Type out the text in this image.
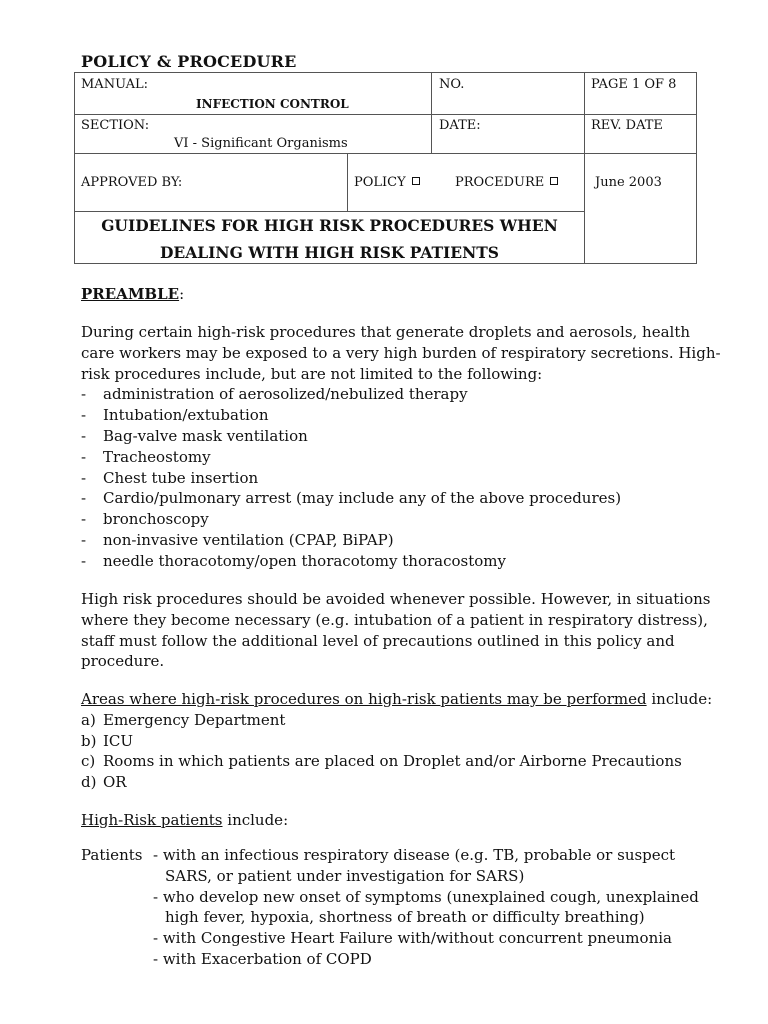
POLICY & PROCEDURE
MANUAL:
INFECTION CONTROL
NO.	PAGE 1 OF 8
SECTION:
VI - Significant Organisms
DATE:	REV. DATE
APPROVED BY:	POLICY	PROCEDURE	June 2003
GUIDELINES FOR HIGH RISK PROCEDURES WHEN
DEALING WITH HIGH RISK PATIENTS
PREAMBLE:
During certain high-risk procedures that generate droplets and aerosols, health
care workers may be exposed to a very high burden of respiratory secretions. High-
risk procedures include, but are not limited to the following:
- administration of aerosolized/nebulized therapy
- Intubation/extubation
- Bag-valve mask ventilation
- Tracheostomy
- Chest tube insertion
- Cardio/pulmonary arrest (may include any of the above procedures)
- bronchoscopy
- non-invasive ventilation (CPAP, BiPAP)
- needle thoracotomy/open thoracotomy thoracostomy
High risk procedures should be avoided whenever possible. However, in situations
where they become necessary (e.g. intubation of a patient in respiratory distress),
staff must follow the additional level of precautions outlined in this policy and
procedure.
Areas where high-risk procedures on high-risk patients may be performed include:
a) Emergency Department
b) ICU
c) Rooms in which patients are placed on Droplet and/or Airborne Precautions
d) OR
High-Risk patients include:
Patients - with an infectious respiratory disease (e.g. TB, probable or suspect
SARS, or patient under investigation for SARS)
- who develop new onset of symptoms (unexplained cough, unexplained
high fever, hypoxia, shortness of breath or difficulty breathing)
- with Congestive Heart Failure with/without concurrent pneumonia
- with Exacerbation of COPD
